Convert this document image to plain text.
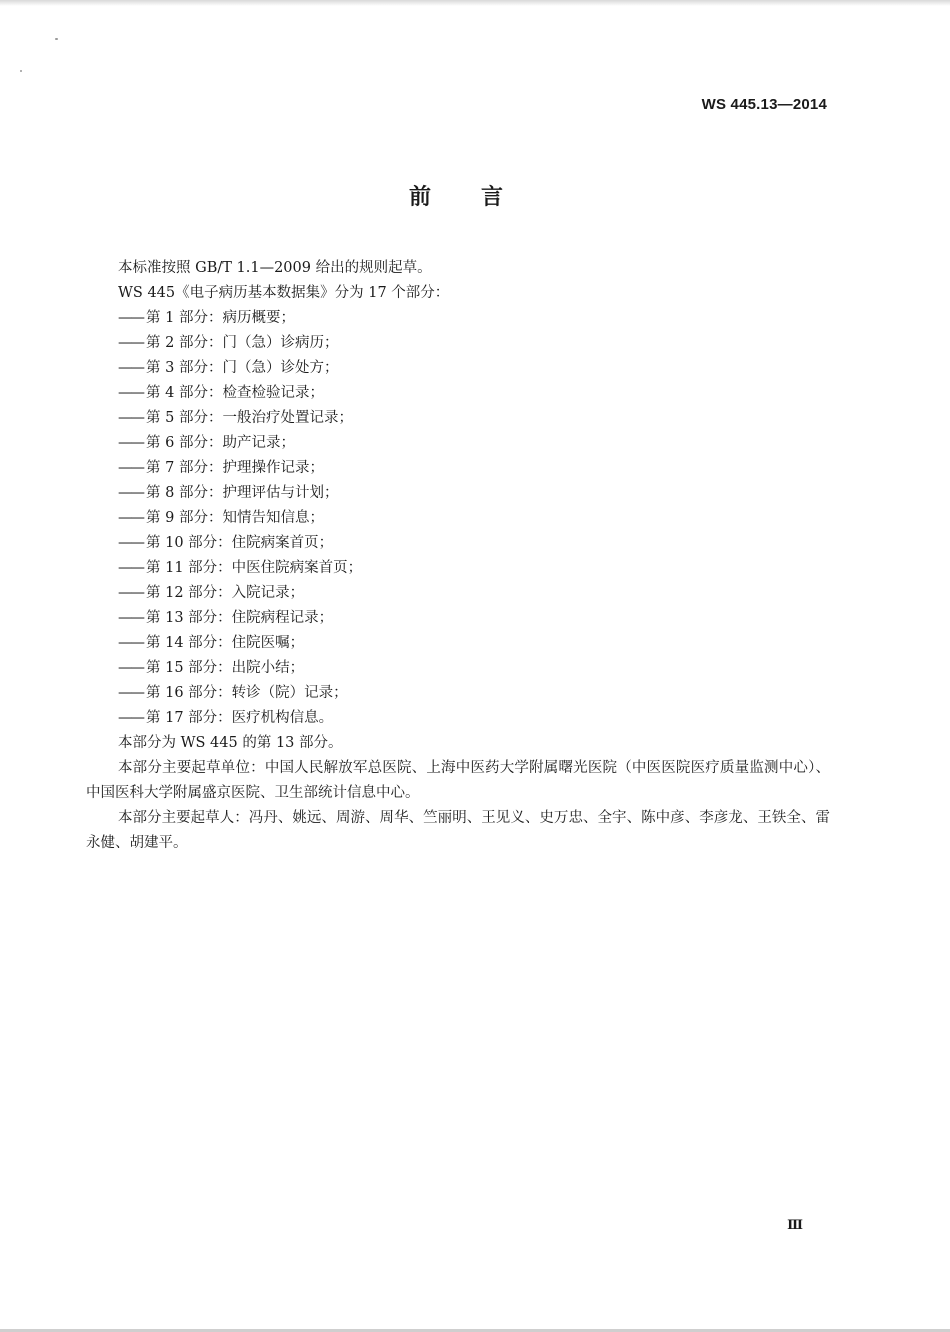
WS 445.13—2014
前言

本标准按照 GB/T 1.1—2009 给出的规则起草。

WS 445《电子病历基本数据集》分为 17 个部分：

—— 第 1 部分：病历概要；
—— 第 2 部分：门（急）诊病历；
—— 第 3 部分：门（急）诊处方；
—— 第 4 部分：检查检验记录；
—— 第 5 部分：一般治疗处置记录；
—— 第 6 部分：助产记录；
—— 第 7 部分：护理操作记录；
—— 第 8 部分：护理评估与计划；
—— 第 9 部分：知情告知信息；
—— 第 10 部分：住院病案首页；
—— 第 11 部分：中医住院病案首页；
—— 第 12 部分：入院记录；
—— 第 13 部分：住院病程记录；
—— 第 14 部分：住院医嘱；
—— 第 15 部分：出院小结；
—— 第 16 部分：转诊（院）记录；
—— 第 17 部分：医疗机构信息。

本部分为 WS 445 的第 13 部分。

本部分主要起草单位：中国人民解放军总医院、上海中医药大学附属曙光医院（中医医院医疗质量监测中心）、中国医科大学附属盛京医院、卫生部统计信息中心。

本部分主要起草人：冯丹、姚远、周游、周华、竺丽明、王见义、史万忠、全宇、陈中彦、李彦龙、王铁全、雷永健、胡建平。

Ⅲ
